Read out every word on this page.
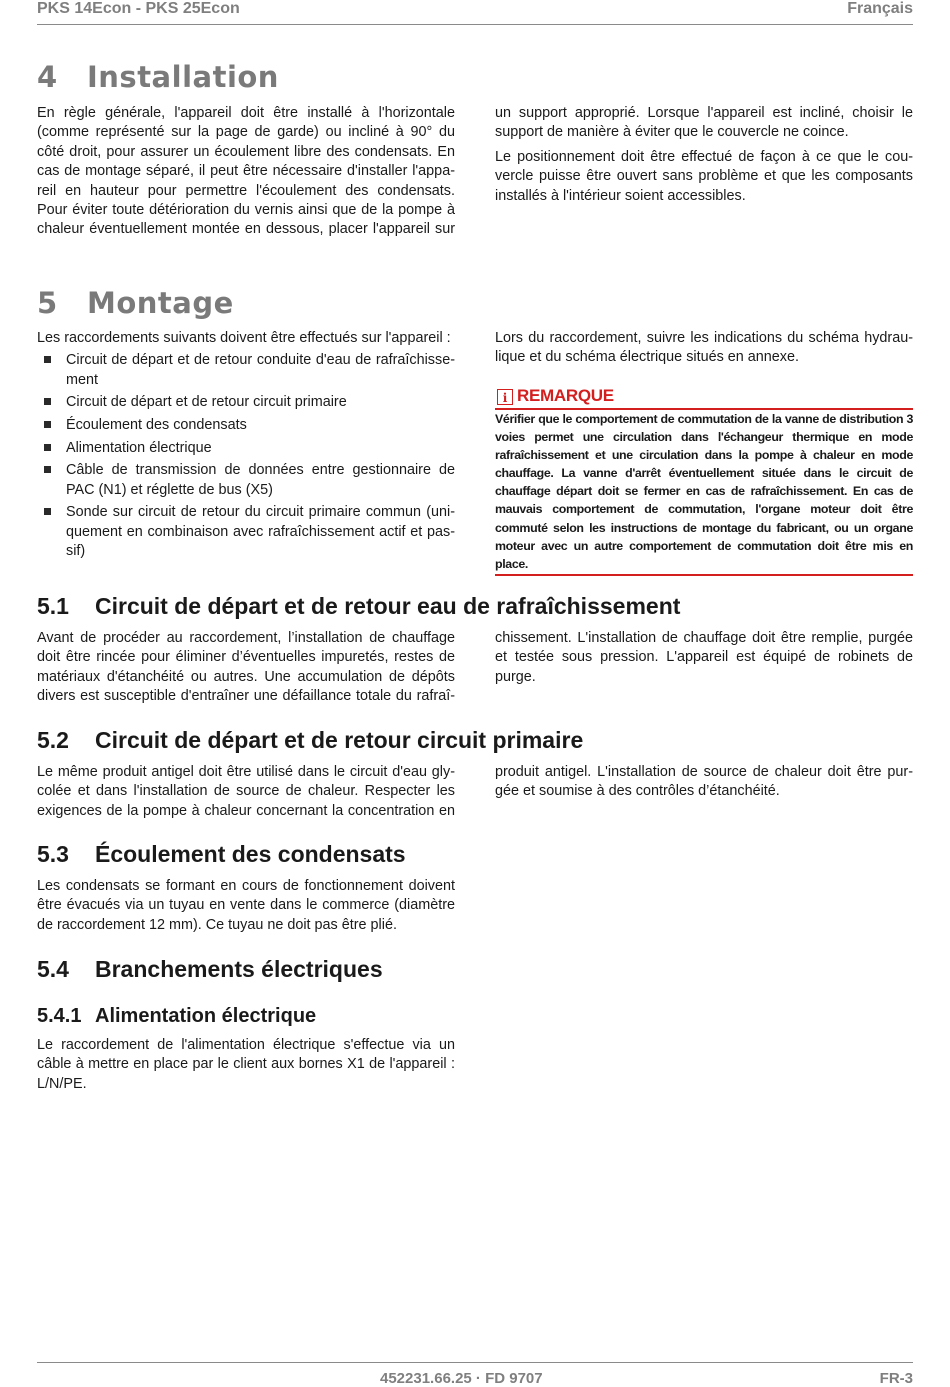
PKS 14Econ - PKS 25Econ	Français
4 Installation
En règle générale, l'appareil doit être installé à l'horizontale
(comme représenté sur la page de garde) ou incliné à 90° du
côté droit, pour assurer un écoulement libre des condensats. En
cas de montage séparé, il peut être nécessaire d'installer l'appa-
reil en hauteur pour permettre l'écoulement des condensats.
Pour éviter toute détérioration du vernis ainsi que de la pompe à
chaleur éventuellement montée en dessous, placer l'appareil sur

un support approprié. Lorsque l'appareil est incliné, choisir le support de manière à éviter que le couvercle ne coince.

Le positionnement doit être effectué de façon à ce que le cou-vercle puisse être ouvert sans problème et que les composants installés à l'intérieur soient accessibles.

5 Montage
Les raccordements suivants doivent être effectués sur l'appareil :
Circuit de départ et de retour conduite d'eau de rafraîchisse-ment
Circuit de départ et de retour circuit primaire
Écoulement des condensats
Alimentation électrique
Câble de transmission de données entre gestionnaire de PAC (N1) et réglette de bus (X5)
Sonde sur circuit de retour du circuit primaire commun (uni-quement en combinaison avec rafraîchissement actif et pas-sif)

Lors du raccordement, suivre les indications du schéma hydrau-lique et du schéma électrique situés en annexe.

i REMARQUE

Vérifier que le comportement de commutation de la vanne de distribution 3 voies permet une circulation dans l'échangeur thermique en mode rafraîchissement et une circulation dans la pompe à chaleur en mode chauffage. La vanne d'arrêt éventuellement située dans le circuit de chauffage départ doit se fermer en cas de rafraîchissement. En cas de mauvais comportement de commutation, l'organe moteur doit être commuté selon les instructions de montage du fabricant, ou un organe moteur avec un autre comportement de commutation doit être mis en place.

5.1 Circuit de départ et de retour eau de rafraîchissement

Avant de procéder au raccordement, l’installation de chauffage doit être rincée pour éliminer d’éventuelles impuretés, restes de matériaux d'étanchéité ou autres. Une accumulation de dépôts divers est susceptible d'entraîner une défaillance totale du rafraî-

chissement. L'installation de chauffage doit être remplie, purgée et testée sous pression. L'appareil est équipé de robinets de purge.

5.2 Circuit de départ et de retour circuit primaire

Le même produit antigel doit être utilisé dans le circuit d'eau gly-colée et dans l'installation de source de chaleur. Respecter les exigences de la pompe à chaleur concernant la concentration en

produit antigel. L'installation de source de chaleur doit être pur-gée et soumise à des contrôles d’étanchéité.

5.3 Écoulement des condensats

Les condensats se formant en cours de fonctionnement doivent être évacués via un tuyau en vente dans le commerce (diamètre de raccordement 12 mm). Ce tuyau ne doit pas être plié.

5.4 Branchements électriques
5.4.1 Alimentation électrique

Le raccordement de l'alimentation électrique s'effectue via un câble à mettre en place par le client aux bornes X1 de l'appareil : L/N/PE.

452231.66.25 · FD 9707	FR-3
